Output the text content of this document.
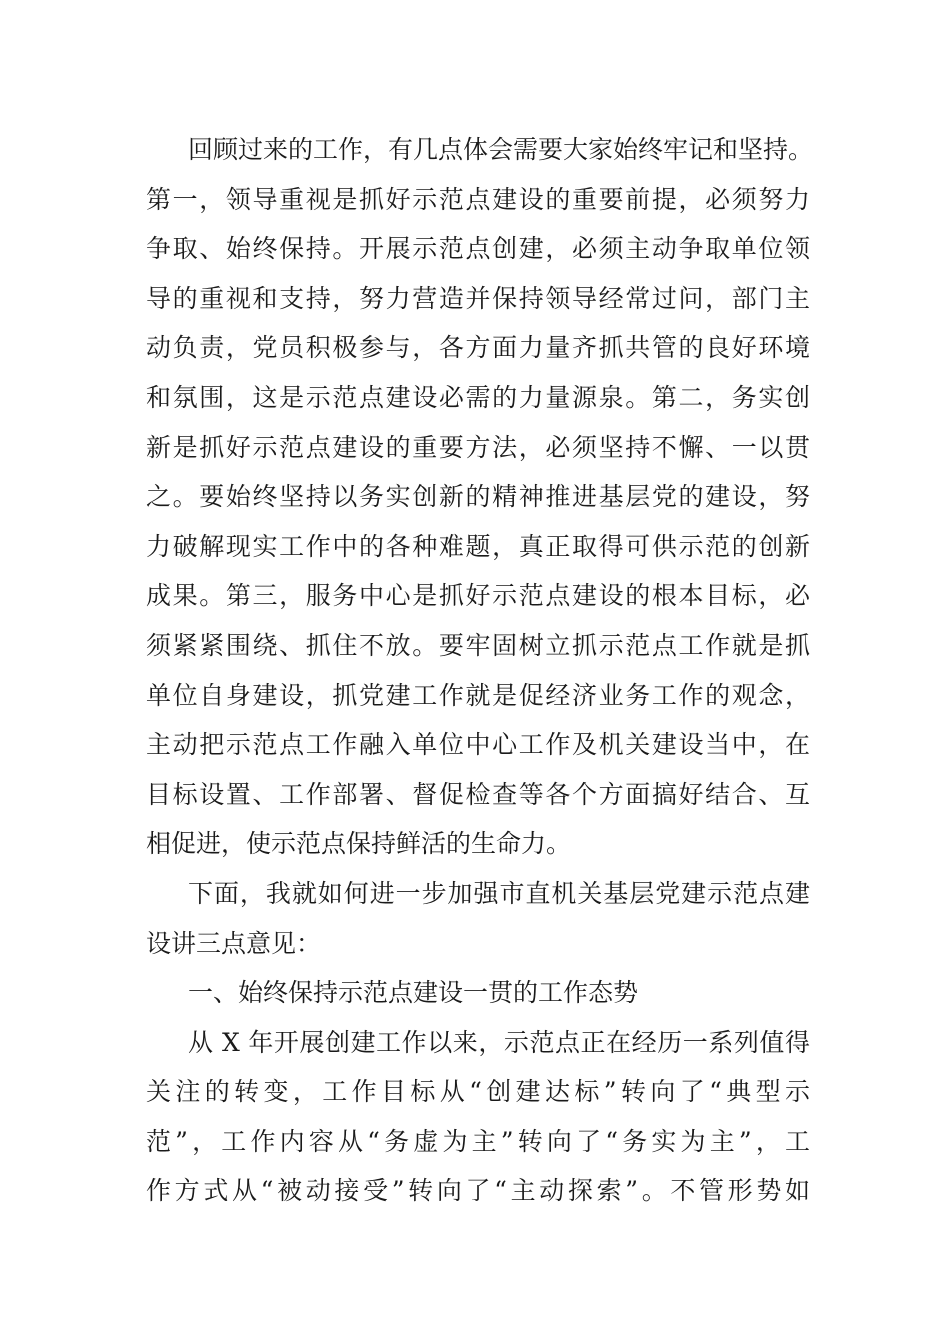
回顾过来的工作，有几点体会需要大家始终牢记和坚持。
第一，领导重视是抓好示范点建设的重要前提，必须努力
争取、始终保持。开展示范点创建，必须主动争取单位领
导的重视和支持，努力营造并保持领导经常过问，部门主
动负责，党员积极参与，各方面力量齐抓共管的良好环境
和氛围，这是示范点建设必需的力量源泉。第二，务实创
新是抓好示范点建设的重要方法，必须坚持不懈、一以贯
之。要始终坚持以务实创新的精神推进基层党的建设，努
力破解现实工作中的各种难题，真正取得可供示范的创新
成果。第三，服务中心是抓好示范点建设的根本目标，必
须紧紧围绕、抓住不放。要牢固树立抓示范点工作就是抓
单位自身建设，抓党建工作就是促经济业务工作的观念，
主动把示范点工作融入单位中心工作及机关建设当中，在
目标设置、工作部署、督促检查等各个方面搞好结合、互
相促进，使示范点保持鲜活的生命力。
下面，我就如何进一步加强市直机关基层党建示范点建
设讲三点意见：
一、始终保持示范点建设一贯的工作态势
从 X 年开展创建工作以来，示范点正在经历一系列值得
关注的转变，工作目标从“创建达标”转向了“典型示
范”，工作内容从“务虚为主”转向了“务实为主”，工
作方式从“被动接受”转向了“主动探索”。不管形势如
